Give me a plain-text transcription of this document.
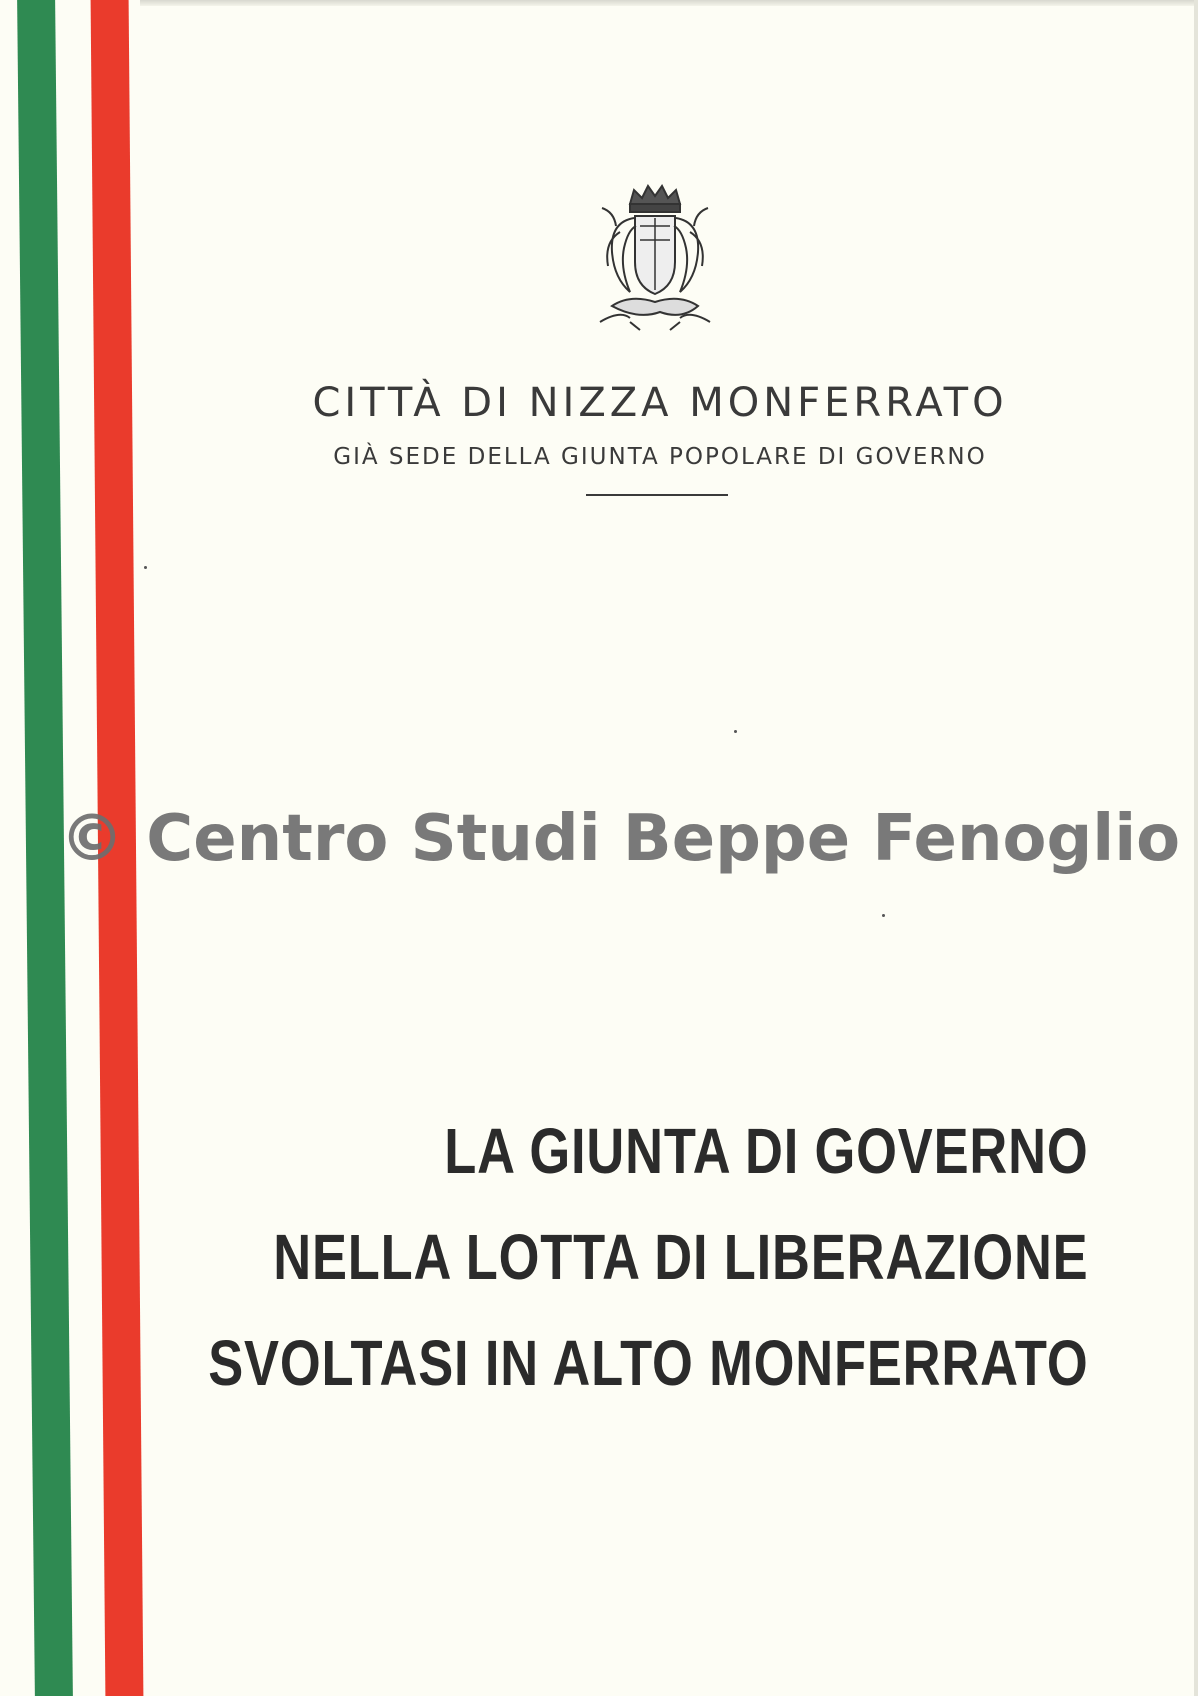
CITTÀ DI NIZZA MONFERRATO
GIÀ SEDE DELLA GIUNTA POPOLARE DI GOVERNO
© Centro Studi Beppe Fenoglio
LA GIUNTA DI GOVERNO
NELLA LOTTA DI LIBERAZIONE
SVOLTASI IN ALTO MONFERRATO
